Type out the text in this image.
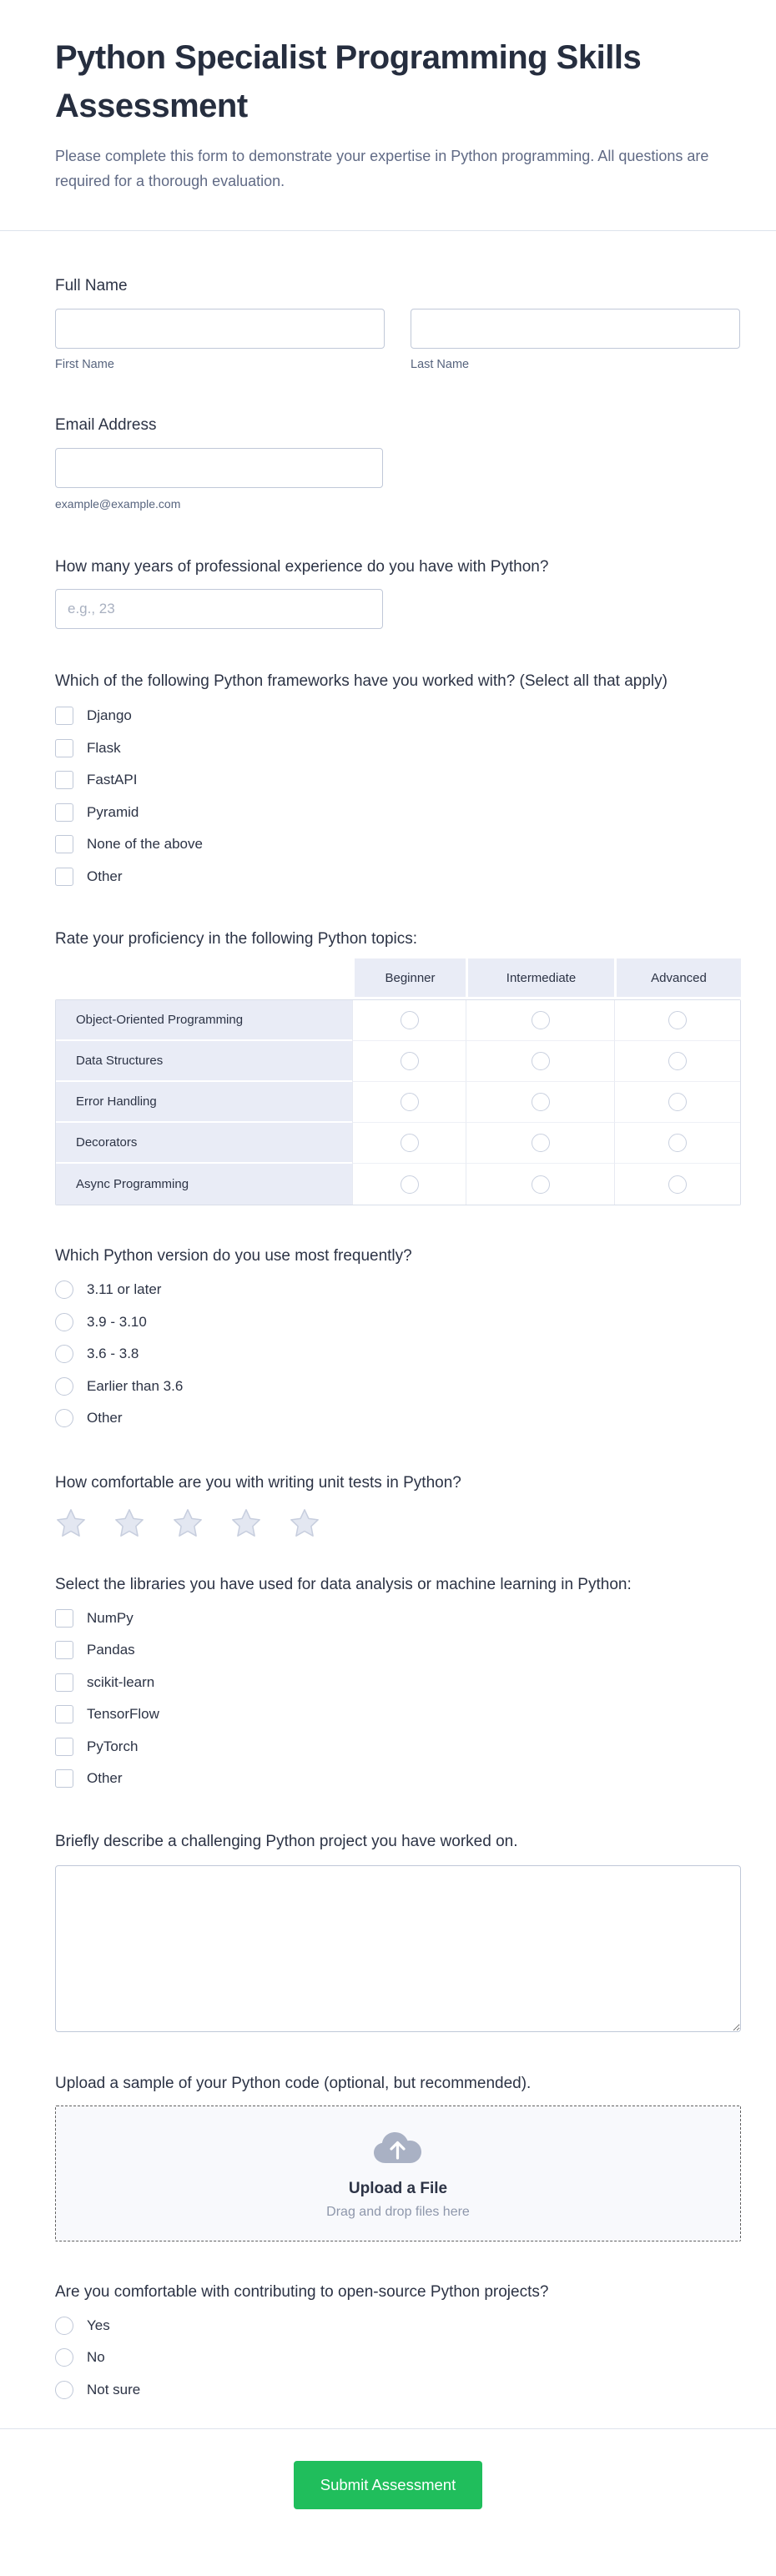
Python Specialist Programming Skills Assessment
Please complete this form to demonstrate your expertise in Python programming. All questions are required for a thorough evaluation.
Full Name
First Name	Last Name
Email Address
example@example.com
How many years of professional experience do you have with Python?
e.g., 23
Which of the following Python frameworks have you worked with? (Select all that apply)
Django
Flask
FastAPI
Pyramid
None of the above
Other
Rate your proficiency in the following Python topics:
Beginner	Intermediate	Advanced
Object-Oriented Programming
Data Structures
Error Handling
Decorators
Async Programming
Which Python version do you use most frequently?
3.11 or later
3.9 - 3.10
3.6 - 3.8
Earlier than 3.6
Other
How comfortable are you with writing unit tests in Python?
Select the libraries you have used for data analysis or machine learning in Python:
NumPy
Pandas
scikit-learn
TensorFlow
PyTorch
Other
Briefly describe a challenging Python project you have worked on.
Upload a sample of your Python code (optional, but recommended).
Upload a File
Drag and drop files here
Are you comfortable with contributing to open-source Python projects?
Yes
No
Not sure
Submit Assessment
